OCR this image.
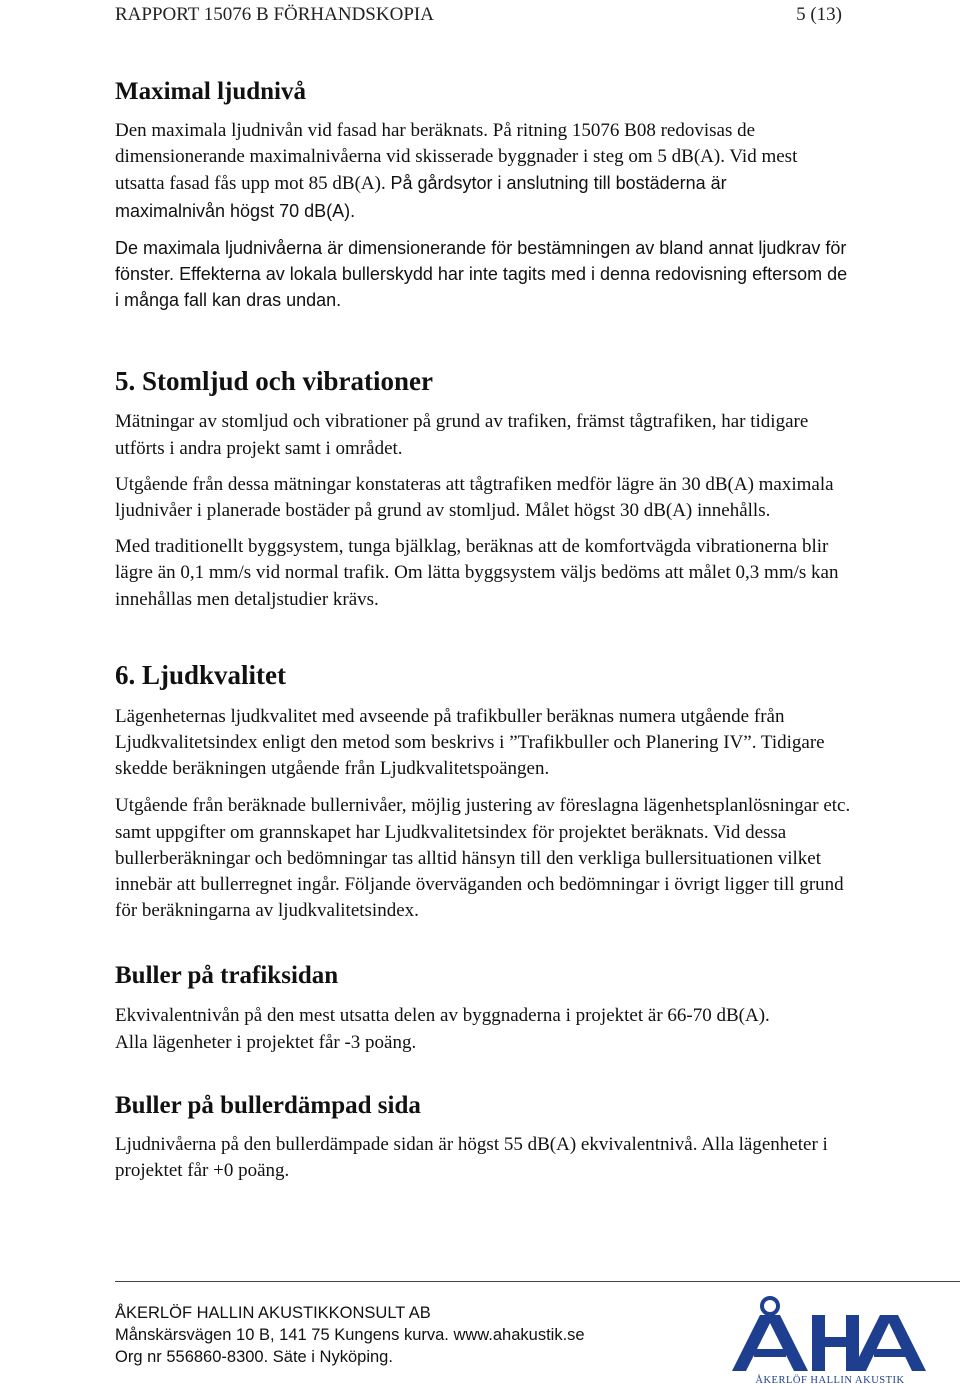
RAPPORT 15076 B FÖRHANDSKOPIA	5 (13)
Maximal ljudnivå

Den maximala ljudnivån vid fasad har beräknats. På ritning 15076 B08 redovisas de dimensionerande maximalnivåerna vid skisserade byggnader i steg om 5 dB(A). Vid mest utsatta fasad fås upp mot 85 dB(A). På gårdsytor i anslutning till bostäderna är maximalnivån högst 70 dB(A).

De maximala ljudnivåerna är dimensionerande för bestämningen av bland annat ljudkrav för fönster. Effekterna av lokala bullerskydd har inte tagits med i denna redovisning eftersom de i många fall kan dras undan.

5. Stomljud och vibrationer

Mätningar av stomljud och vibrationer på grund av trafiken, främst tågtrafiken, har tidigare utförts i andra projekt samt i området.

Utgående från dessa mätningar konstateras att tågtrafiken medför lägre än 30 dB(A) maximala ljudnivåer i planerade bostäder på grund av stomljud. Målet högst 30 dB(A) innehålls.

Med traditionellt byggsystem, tunga bjälklag, beräknas att de komfortvägda vibrationerna blir lägre än 0,1 mm/s vid normal trafik. Om lätta byggsystem väljs bedöms att målet 0,3 mm/s kan innehållas men detaljstudier krävs.

6. Ljudkvalitet

Lägenheternas ljudkvalitet med avseende på trafikbuller beräknas numera utgående från Ljudkvalitetsindex enligt den metod som beskrivs i ”Trafikbuller och Planering IV”. Tidigare skedde beräkningen utgående från Ljudkvalitetspoängen.

Utgående från beräknade bullernivåer, möjlig justering av föreslagna lägenhetsplanlösningar etc. samt uppgifter om grannskapet har Ljudkvalitetsindex för projektet beräknats. Vid dessa bullerberäkningar och bedömningar tas alltid hänsyn till den verkliga bullersituationen vilket innebär att bullerregnet ingår. Följande överväganden och bedömningar i övrigt ligger till grund för beräkningarna av ljudkvalitetsindex.

Buller på trafiksidan

Ekvivalentnivån på den mest utsatta delen av byggnaderna i projektet är 66-70 dB(A). Alla lägenheter i projektet får -3 poäng.

Buller på bullerdämpad sida

Ljudnivåerna på den bullerdämpade sidan är högst 55 dB(A) ekvivalentnivå. Alla lägenheter i projektet får +0 poäng.

ÅKERLÖF HALLIN AKUSTIKKONSULT AB
Månskärsvägen 10 B, 141 75 Kungens kurva. www.ahakustik.se
Org nr 556860-8300. Säte i Nyköping.
ÅKERLÖF HALLIN AKUSTIK
